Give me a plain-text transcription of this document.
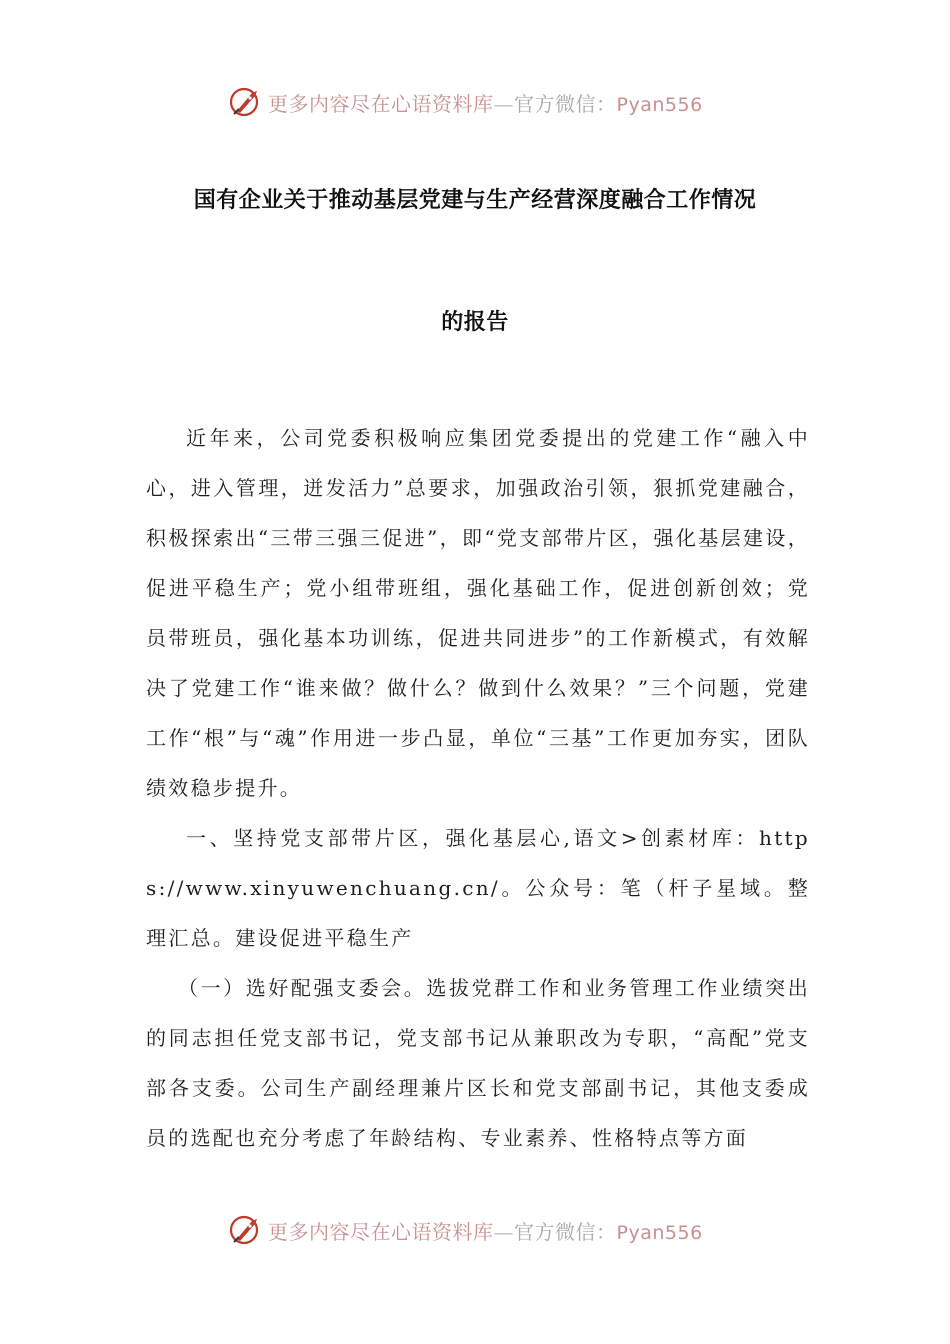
更多内容尽在心语资料库—官方微信：Pyan556
国有企业关于推动基层党建与生产经营深度融合工作情况
的报告

近年来，公司党委积极响应集团党委提出的党建工作“融入中心，进入管理，迸发活力”总要求，加强政治引领，狠抓党建融合，积极探索出“三带三强三促进”，即“党支部带片区，强化基层建设，促进平稳生产；党小组带班组，强化基础工作，促进创新创效；党员带班员，强化基本功训练，促进共同进步”的工作新模式，有效解决了党建工作“谁来做？做什么？做到什么效果？”三个问题，党建工作“根”与“魂”作用进一步凸显，单位“三基”工作更加夯实，团队绩效稳步提升。

一、坚持党支部带片区，强化基层心,语文>创素材库：https://www.xinyuwenchuang.cn/。公众号：笔（杆子星域。整理汇总。建设促进平稳生产

（一）选好配强支委会。选拔党群工作和业务管理工作业绩突出的同志担任党支部书记，党支部书记从兼职改为专职，“高配”党支部各支委。公司生产副经理兼片区长和党支部副书记，其他支委成员的选配也充分考虑了年龄结构、专业素养、性格特点等方面

更多内容尽在心语资料库—官方微信：Pyan556
